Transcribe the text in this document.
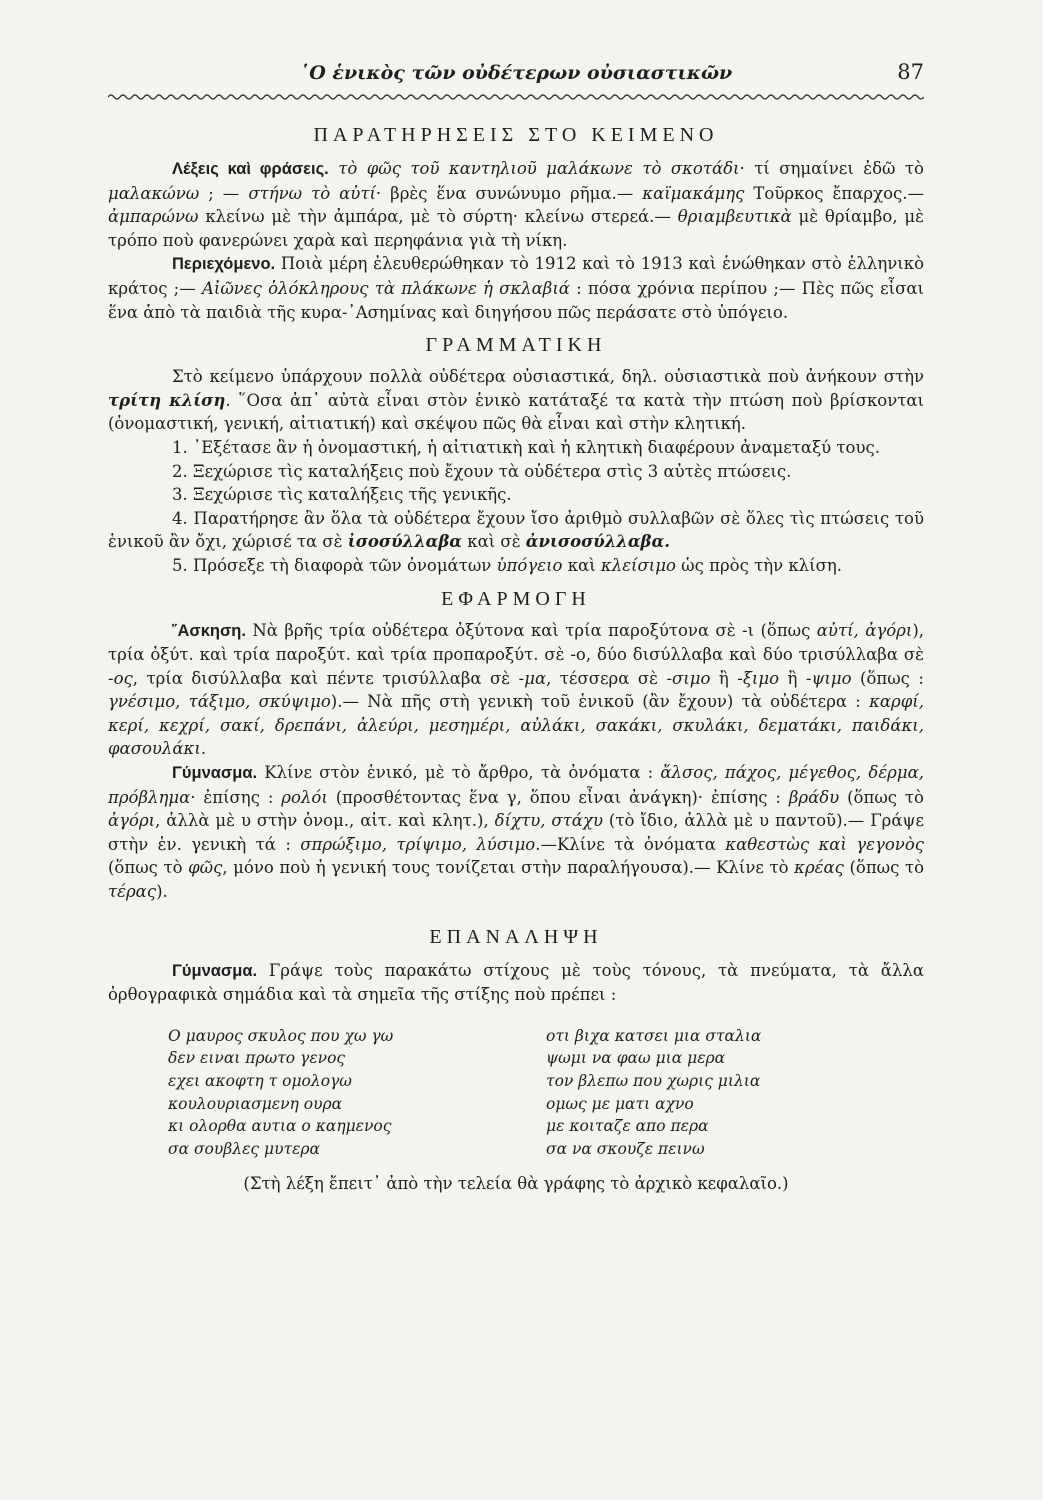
῾Ο ἑνικὸς τῶν οὐδέτερων οὐσιαστικῶν	87
ΠΑΡΑΤΗΡΗΣΕΙΣ ΣΤΟ ΚΕΙΜΕΝΟ

Λέξεις καὶ φράσεις. τὸ φῶς τοῦ καντηλιοῦ μαλάκωνε τὸ σκοτάδι· τί σημαίνει ἐδῶ τὸ μαλακώνω ; — στήνω τὸ αὐτί· βρὲς ἕνα συνώνυμο ρῆμα.— καϊμακάμης Τοῦρκος ἔπαρχος.—ἀμπαρώνω κλείνω μὲ τὴν ἀμπάρα, μὲ τὸ σύρτη· κλείνω στερεά.— θριαμβευτικὰ μὲ θρίαμβο, μὲ τρόπο ποὺ φανερώνει χαρὰ καὶ περηφάνια γιὰ τὴ νίκη.

Περιεχόμενο. Ποιὰ μέρη ἐλευθερώθηκαν τὸ 1912 καὶ τὸ 1913 καὶ ἑνώθηκαν στὸ ἑλληνικὸ κράτος ;— Αἰῶνες ὁλόκληρους τὰ πλάκωνε ἡ σκλαβιά : πόσα χρόνια περίπου ;— Πὲς πῶς εἶσαι ἕνα ἀπὸ τὰ παιδιὰ τῆς κυρα-᾿Ασημίνας καὶ διηγήσου πῶς περάσατε στὸ ὑπόγειο.

ΓΡΑΜΜΑΤΙΚΗ

Στὸ κείμενο ὑπάρχουν πολλὰ οὐδέτερα οὐσιαστικά, δηλ. οὐσιαστικὰ ποὺ ἀνήκουν στὴν τρίτη κλίση. ῞Οσα ἀπ᾿ αὐτὰ εἶναι στὸν ἑνικὸ κατάταξέ τα κατὰ τὴν πτώση ποὺ βρίσκονται (ὀνομαστική, γενική, αἰτιατική) καὶ σκέψου πῶς θὰ εἶναι καὶ στὴν κλητική.

1. ᾿Εξέτασε ἂν ἡ ὀνομαστική, ἡ αἰτιατικὴ καὶ ἡ κλητικὴ διαφέρουν ἀναμεταξύ τους.
2. Ξεχώρισε τὶς καταλήξεις ποὺ ἔχουν τὰ οὐδέτερα στὶς 3 αὐτὲς πτώσεις.
3. Ξεχώρισε τὶς καταλήξεις τῆς γενικῆς.
4. Παρατήρησε ἂν ὅλα τὰ οὐδέτερα ἔχουν ἴσο ἀριθμὸ συλλαβῶν σὲ ὅλες τὶς πτώσεις τοῦ ἑνικοῦ ἂν ὄχι, χώρισέ τα σὲ ἰσοσύλλαβα καὶ σὲ ἀνισοσύλλαβα.
5. Πρόσεξε τὴ διαφορὰ τῶν ὀνομάτων ὑπόγειο καὶ κλείσιμο ὡς πρὸς τὴν κλίση.
ΕΦΑΡΜΟΓΗ

῎Ασκηση. Νὰ βρῆς τρία οὐδέτερα ὀξύτονα καὶ τρία παροξύτονα σὲ -ι (ὅπως αὐτί, ἀγόρι), τρία ὀξύτ. καὶ τρία παροξύτ. καὶ τρία προπαροξύτ. σὲ -ο, δύο δισύλλαβα καὶ δύο τρισύλλαβα σὲ -ος, τρία δισύλλαβα καὶ πέντε τρισύλλαβα σὲ -μα, τέσσερα σὲ -σιμο ἢ -ξιμο ἢ -ψιμο (ὅπως : γνέσιμο, τάξιμο, σκύψιμο).— Νὰ πῆς στὴ γενικὴ τοῦ ἑνικοῦ (ἂν ἔχουν) τὰ οὐδέτερα : καρφί, κερί, κεχρί, σακί, δρεπάνι, ἀλεύρι, μεσημέρι, αὐλάκι, σακάκι, σκυλάκι, δεματάκι, παιδάκι, φασουλάκι.

Γύμνασμα. Κλίνε στὸν ἑνικό, μὲ τὸ ἄρθρο, τὰ ὀνόματα : ἄλσος, πάχος, μέγεθος, δέρμα, πρόβλημα· ἐπίσης : ρολόι (προσθέτοντας ἕνα γ, ὅπου εἶναι ἀνάγκη)· ἐπίσης : βράδυ (ὅπως τὸ ἀγόρι, ἀλλὰ μὲ υ στὴν ὀνομ., αἰτ. καὶ κλητ.), δίχτυ, στάχυ (τὸ ἴδιο, ἀλλὰ μὲ υ παντοῦ).— Γράψε στὴν ἑν. γενικὴ τά : σπρώξιμο, τρίψιμο, λύσιμο.—Κλίνε τὰ ὀνόματα καθεστὼς καὶ γεγονὸς (ὅπως τὸ φῶς, μόνο ποὺ ἡ γενική τους τονίζεται στὴν παραλήγουσα).— Κλίνε τὸ κρέας (ὅπως τὸ τέρας).

ΕΠΑΝΑΛΗΨΗ

Γύμνασμα. Γράψε τοὺς παρακάτω στίχους μὲ τοὺς τόνους, τὰ πνεύματα, τὰ ἄλλα ὀρθογραφικὰ σημάδια καὶ τὰ σημεῖα τῆς στίξης ποὺ πρέπει :

Ο μαυρος σκυλος που χω γω
δεν ειναι πρωτο γενος
εχει ακοφτη τ ομολογω
κουλουριασμενη ουρα
κι ολορθα αυτια ο καημενος
σα σουβλες μυτερα
οτι βιχα κατσει μια σταλια
ψωμι να φαω μια μερα
τον βλεπω που χωρις μιλια
ομως με ματι αχνο
με κοιταζε απο περα
σα να σκουζε πεινω
(Στὴ λέξη ἔπειτ᾿ ἀπὸ τὴν τελεία θὰ γράφης τὸ ἀρχικὸ κεφαλαῖο.)
